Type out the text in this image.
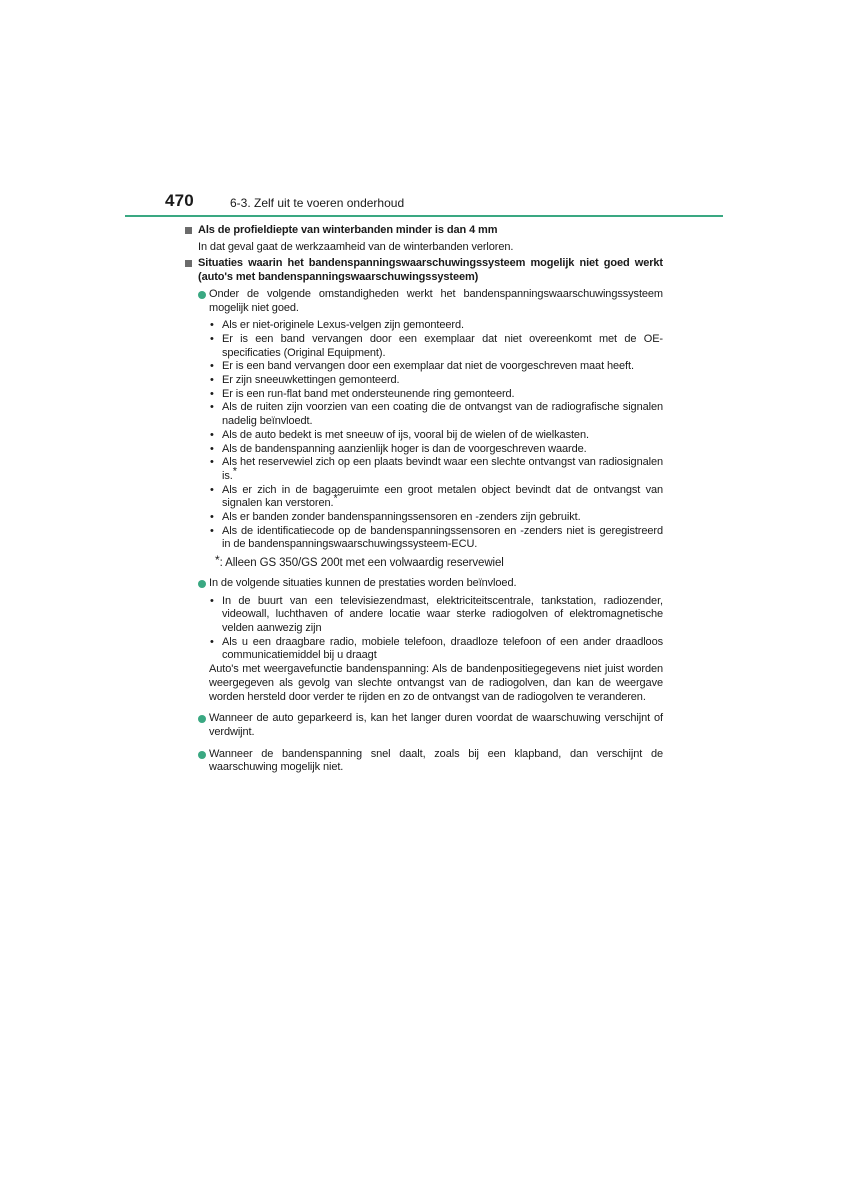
470	6-3. Zelf uit te voeren onderhoud
Als de profieldiepte van winterbanden minder is dan 4 mm
In dat geval gaat de werkzaamheid van de winterbanden verloren.
Situaties waarin het bandenspanningswaarschuwingssysteem mogelijk niet goed werkt (auto's met bandenspanningswaarschuwingssysteem)
Onder de volgende omstandigheden werkt het bandenspanningswaarschuwingssysteem mogelijk niet goed.
• Als er niet-originele Lexus-velgen zijn gemonteerd.
• Er is een band vervangen door een exemplaar dat niet overeenkomt met de OE-specificaties (Original Equipment).
• Er is een band vervangen door een exemplaar dat niet de voorgeschreven maat heeft.
• Er zijn sneeuwkettingen gemonteerd.
• Er is een run-flat band met ondersteunende ring gemonteerd.
• Als de ruiten zijn voorzien van een coating die de ontvangst van de radiografische signalen nadelig beïnvloedt.
• Als de auto bedekt is met sneeuw of ijs, vooral bij de wielen of de wielkasten.
• Als de bandenspanning aanzienlijk hoger is dan de voorgeschreven waarde.
• Als het reservewiel zich op een plaats bevindt waar een slechte ontvangst van radiosignalen is.*
• Als er zich in de bagageruimte een groot metalen object bevindt dat de ontvangst van signalen kan verstoren.*
• Als er banden zonder bandenspanningssensoren en -zenders zijn gebruikt.
• Als de identificatiecode op de bandenspanningssensoren en -zenders niet is geregistreerd in de bandenspanningswaarschuwingssysteem-ECU.
*: Alleen GS 350/GS 200t met een volwaardig reservewiel
In de volgende situaties kunnen de prestaties worden beïnvloed.
• In de buurt van een televisiezendmast, elektriciteitscentrale, tankstation, radiozender, videowall, luchthaven of andere locatie waar sterke radiogolven of elektromagnetische velden aanwezig zijn
• Als u een draagbare radio, mobiele telefoon, draadloze telefoon of een ander draadloos communicatiemiddel bij u draagt
Auto's met weergavefunctie bandenspanning: Als de bandenpositiegegevens niet juist worden weergegeven als gevolg van slechte ontvangst van de radiogolven, dan kan de weergave worden hersteld door verder te rijden en zo de ontvangst van de radiogolven te veranderen.
Wanneer de auto geparkeerd is, kan het langer duren voordat de waarschuwing verschijnt of verdwijnt.
Wanneer de bandenspanning snel daalt, zoals bij een klapband, dan verschijnt de waarschuwing mogelijk niet.
